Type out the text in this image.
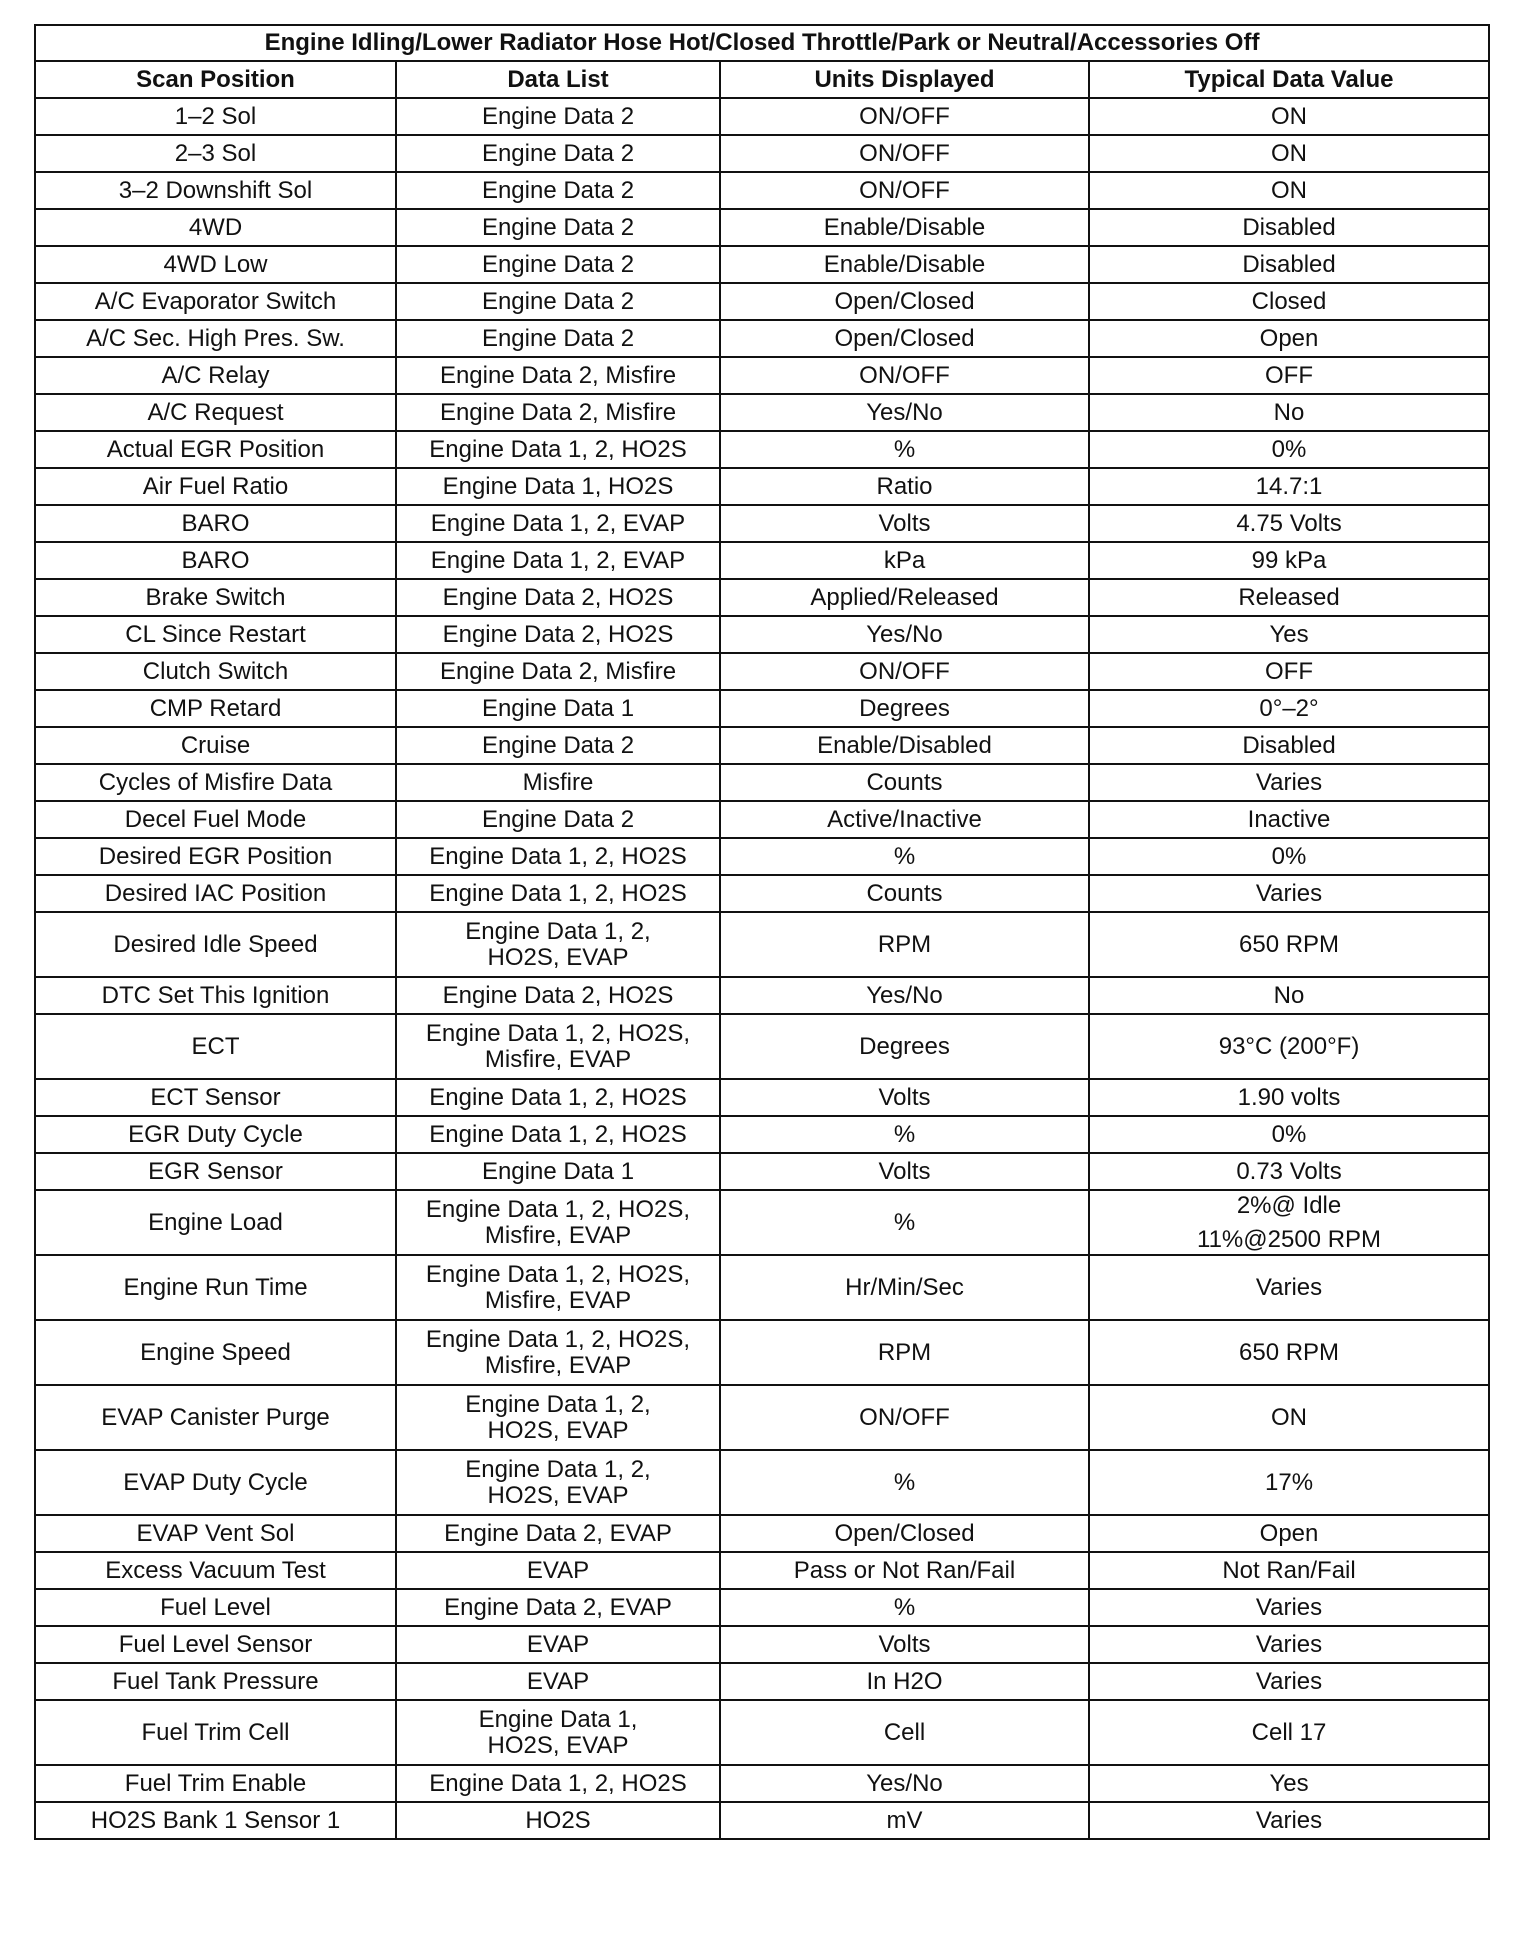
Engine Idling/Lower Radiator Hose Hot/Closed Throttle/Park or Neutral/Accessories Off			
Scan Position	Data List	Units Displayed	Typical Data Value
1–2 Sol	Engine Data 2	ON/OFF	ON

2–3 Sol	Engine Data 2	ON/OFF	ON

3–2 Downshift Sol	Engine Data 2	ON/OFF	ON

4WD	Engine Data 2	Enable/Disable	Disabled

4WD Low	Engine Data 2	Enable/Disable	Disabled

A/C Evaporator Switch	Engine Data 2	Open/Closed	Closed

A/C Sec. High Pres. Sw.	Engine Data 2	Open/Closed	Open

A/C Relay	Engine Data 2, Misfire	ON/OFF	OFF

A/C Request	Engine Data 2, Misfire	Yes/No	No

Actual EGR Position	Engine Data 1, 2, HO2S	%	0%

Air Fuel Ratio	Engine Data 1, HO2S	Ratio	14.7:1

BARO	Engine Data 1, 2, EVAP	Volts	4.75 Volts

BARO	Engine Data 1, 2, EVAP	kPa	99 kPa

Brake Switch	Engine Data 2, HO2S	Applied/Released	Released

CL Since Restart	Engine Data 2, HO2S	Yes/No	Yes

Clutch Switch	Engine Data 2, Misfire	ON/OFF	OFF

CMP Retard	Engine Data 1	Degrees	0°–2°

Cruise	Engine Data 2	Enable/Disabled	Disabled

Cycles of Misfire Data	Misfire	Counts	Varies

Decel Fuel Mode	Engine Data 2	Active/Inactive	Inactive

Desired EGR Position	Engine Data 1, 2, HO2S	%	0%

Desired IAC Position	Engine Data 1, 2, HO2S	Counts	Varies

Desired Idle Speed	Engine Data 1, 2,
HO2S, EVAP	RPM	650 RPM

DTC Set This Ignition	Engine Data 2, HO2S	Yes/No	No

ECT	Engine Data 1, 2, HO2S,
Misfire, EVAP	Degrees	93°C (200°F)

ECT Sensor	Engine Data 1, 2, HO2S	Volts	1.90 volts

EGR Duty Cycle	Engine Data 1, 2, HO2S	%	0%

EGR Sensor	Engine Data 1	Volts	0.73 Volts

Engine Load	Engine Data 1, 2, HO2S,
Misfire, EVAP	%	2%@ Idle
11%@2500 RPM

Engine Run Time	Engine Data 1, 2, HO2S,
Misfire, EVAP	Hr/Min/Sec	Varies

Engine Speed	Engine Data 1, 2, HO2S,
Misfire, EVAP	RPM	650 RPM

EVAP Canister Purge	Engine Data 1, 2,
HO2S, EVAP	ON/OFF	ON

EVAP Duty Cycle	Engine Data 1, 2,
HO2S, EVAP	%	17%

EVAP Vent Sol	Engine Data 2, EVAP	Open/Closed	Open

Excess Vacuum Test	EVAP	Pass or Not Ran/Fail	Not Ran/Fail

Fuel Level	Engine Data 2, EVAP	%	Varies

Fuel Level Sensor	EVAP	Volts	Varies

Fuel Tank Pressure	EVAP	In H2O	Varies

Fuel Trim Cell	Engine Data 1,
HO2S, EVAP	Cell	Cell 17

Fuel Trim Enable	Engine Data 1, 2, HO2S	Yes/No	Yes

HO2S Bank 1 Sensor 1	HO2S	mV	Varies
